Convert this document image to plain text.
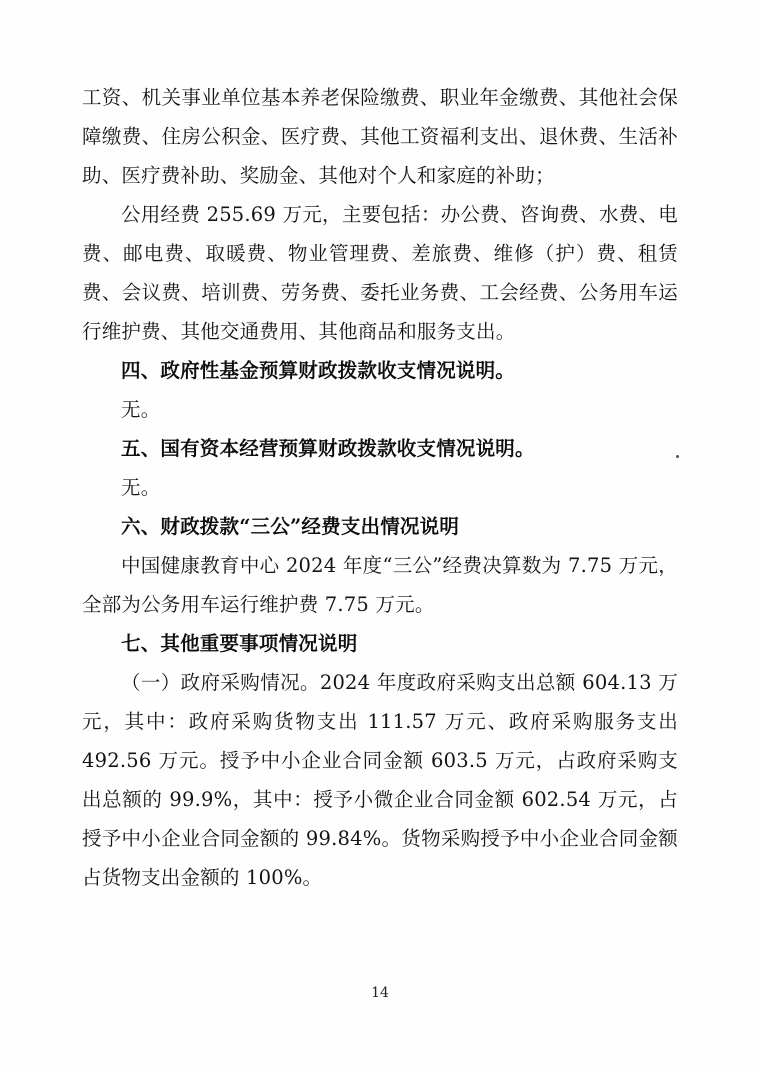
工资、机关事业单位基本养老保险缴费、职业年金缴费、其他社会保障缴费、住房公积金、医疗费、其他工资福利支出、退休费、生活补助、医疗费补助、奖励金、其他对个人和家庭的补助；

公用经费 255.69 万元，主要包括：办公费、咨询费、水费、电费、邮电费、取暖费、物业管理费、差旅费、维修（护）费、租赁费、会议费、培训费、劳务费、委托业务费、工会经费、公务用车运行维护费、其他交通费用、其他商品和服务支出。

四、政府性基金预算财政拨款收支情况说明。

无。

五、国有资本经营预算财政拨款收支情况说明。

无。

六、财政拨款“三公”经费支出情况说明

中国健康教育中心 2024 年度“三公”经费决算数为 7.75 万元，全部为公务用车运行维护费 7.75 万元。

七、其他重要事项情况说明

（一）政府采购情况。2024 年度政府采购支出总额 604.13 万元，其中：政府采购货物支出 111.57 万元、政府采购服务支出 492.56 万元。授予中小企业合同金额 603.5 万元，占政府采购支出总额的 99.9%，其中：授予小微企业合同金额 602.54 万元，占授予中小企业合同金额的 99.84%。货物采购授予中小企业合同金额占货物支出金额的 100%。

14
